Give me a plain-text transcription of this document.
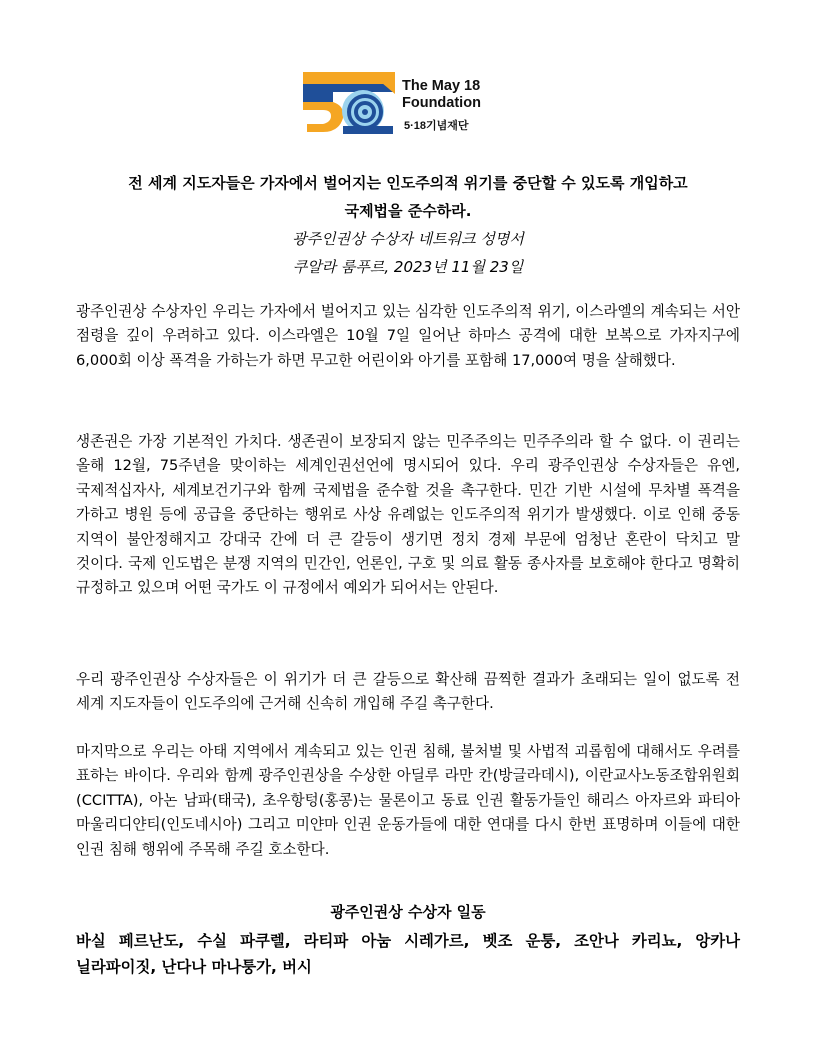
The May 18
Foundation
5·18기념재단
전 세계 지도자들은 가자에서 벌어지는 인도주의적 위기를 중단할 수 있도록 개입하고
국제법을 준수하라.
광주인권상 수상자 네트워크 성명서
쿠알라 룸푸르, 2023년 11월 23일
광주인권상 수상자인 우리는 가자에서 벌어지고 있는 심각한 인도주의적 위기, 이스라엘의 계속되는 서안 점령을 깊이 우려하고 있다. 이스라엘은 10월 7일 일어난 하마스 공격에 대한 보복으로 가자지구에 6,000회 이상 폭격을 가하는가 하면 무고한 어린이와 아기를 포함해 17,000여 명을 살해했다.
생존권은 가장 기본적인 가치다. 생존권이 보장되지 않는 민주주의는 민주주의라 할 수 없다. 이 권리는 올해 12월, 75주년을 맞이하는 세계인권선언에 명시되어 있다. 우리 광주인권상 수상자들은 유엔, 국제적십자사, 세계보건기구와 함께 국제법을 준수할 것을 촉구한다. 민간 기반 시설에 무차별 폭격을 가하고 병원 등에 공급을 중단하는 행위로 사상 유례없는 인도주의적 위기가 발생했다. 이로 인해 중동 지역이 불안정해지고 강대국 간에 더 큰 갈등이 생기면 정치 경제 부문에 엄청난 혼란이 닥치고 말 것이다. 국제 인도법은 분쟁 지역의 민간인, 언론인, 구호 및 의료 활동 종사자를 보호해야 한다고 명확히 규정하고 있으며 어떤 국가도 이 규정에서 예외가 되어서는 안된다.
우리 광주인권상 수상자들은 이 위기가 더 큰 갈등으로 확산해 끔찍한 결과가 초래되는 일이 없도록 전 세계 지도자들이 인도주의에 근거해 신속히 개입해 주길 촉구한다.
마지막으로 우리는 아태 지역에서 계속되고 있는 인권 침해, 불처벌 및 사법적 괴롭힘에 대해서도 우려를 표하는 바이다. 우리와 함께 광주인권상을 수상한 아딜루 라만 칸(방글라데시), 이란교사노동조합위원회(CCITTA), 아논 남파(태국), 초우항텅(홍콩)는 물론이고 동료 인권 활동가들인 해리스 아자르와 파티아 마울리디얀티(인도네시아) 그리고 미얀마 인권 운동가들에 대한 연대를 다시 한번 표명하며 이들에 대한 인권 침해 행위에 주목해 주길 호소한다.
광주인권상 수상자 일동
바실 페르난도, 수실 파쿠렐, 라티파 아눔 시레가르, 벳조 운퉁, 조안나 카리뇨, 앙카나 닐라파이짓, 난다나 마나퉁가, 버시
